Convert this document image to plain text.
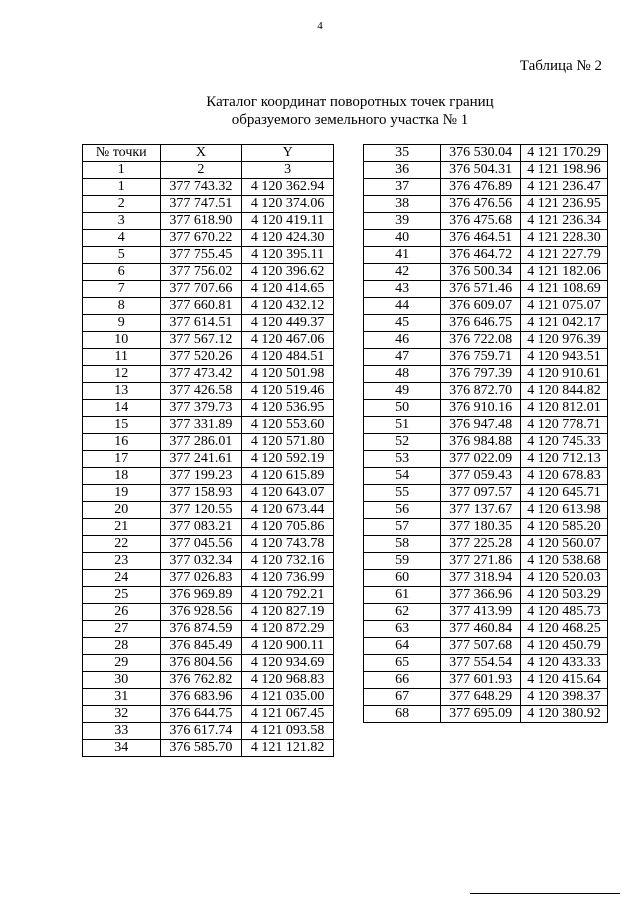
4
Таблица № 2
Каталог координат поворотных точек границ
образуемого земельного участка № 1
№ точки	X	Y
1	2	3
1	377 743.32	4 120 362.94
2	377 747.51	4 120 374.06
3	377 618.90	4 120 419.11
4	377 670.22	4 120 424.30
5	377 755.45	4 120 395.11
6	377 756.02	4 120 396.62
7	377 707.66	4 120 414.65
8	377 660.81	4 120 432.12
9	377 614.51	4 120 449.37
10	377 567.12	4 120 467.06
11	377 520.26	4 120 484.51
12	377 473.42	4 120 501.98
13	377 426.58	4 120 519.46
14	377 379.73	4 120 536.95
15	377 331.89	4 120 553.60
16	377 286.01	4 120 571.80
17	377 241.61	4 120 592.19
18	377 199.23	4 120 615.89
19	377 158.93	4 120 643.07
20	377 120.55	4 120 673.44
21	377 083.21	4 120 705.86
22	377 045.56	4 120 743.78
23	377 032.34	4 120 732.16
24	377 026.83	4 120 736.99
25	376 969.89	4 120 792.21
26	376 928.56	4 120 827.19
27	376 874.59	4 120 872.29
28	376 845.49	4 120 900.11
29	376 804.56	4 120 934.69
30	376 762.82	4 120 968.83
31	376 683.96	4 121 035.00
32	376 644.75	4 121 067.45
33	376 617.74	4 121 093.58
34	376 585.70	4 121 121.82
35	376 530.04	4 121 170.29
36	376 504.31	4 121 198.96
37	376 476.89	4 121 236.47
38	376 476.56	4 121 236.95
39	376 475.68	4 121 236.34
40	376 464.51	4 121 228.30
41	376 464.72	4 121 227.79
42	376 500.34	4 121 182.06
43	376 571.46	4 121 108.69
44	376 609.07	4 121 075.07
45	376 646.75	4 121 042.17
46	376 722.08	4 120 976.39
47	376 759.71	4 120 943.51
48	376 797.39	4 120 910.61
49	376 872.70	4 120 844.82
50	376 910.16	4 120 812.01
51	376 947.48	4 120 778.71
52	376 984.88	4 120 745.33
53	377 022.09	4 120 712.13
54	377 059.43	4 120 678.83
55	377 097.57	4 120 645.71
56	377 137.67	4 120 613.98
57	377 180.35	4 120 585.20
58	377 225.28	4 120 560.07
59	377 271.86	4 120 538.68
60	377 318.94	4 120 520.03
61	377 366.96	4 120 503.29
62	377 413.99	4 120 485.73
63	377 460.84	4 120 468.25
64	377 507.68	4 120 450.79
65	377 554.54	4 120 433.33
66	377 601.93	4 120 415.64
67	377 648.29	4 120 398.37
68	377 695.09	4 120 380.92
